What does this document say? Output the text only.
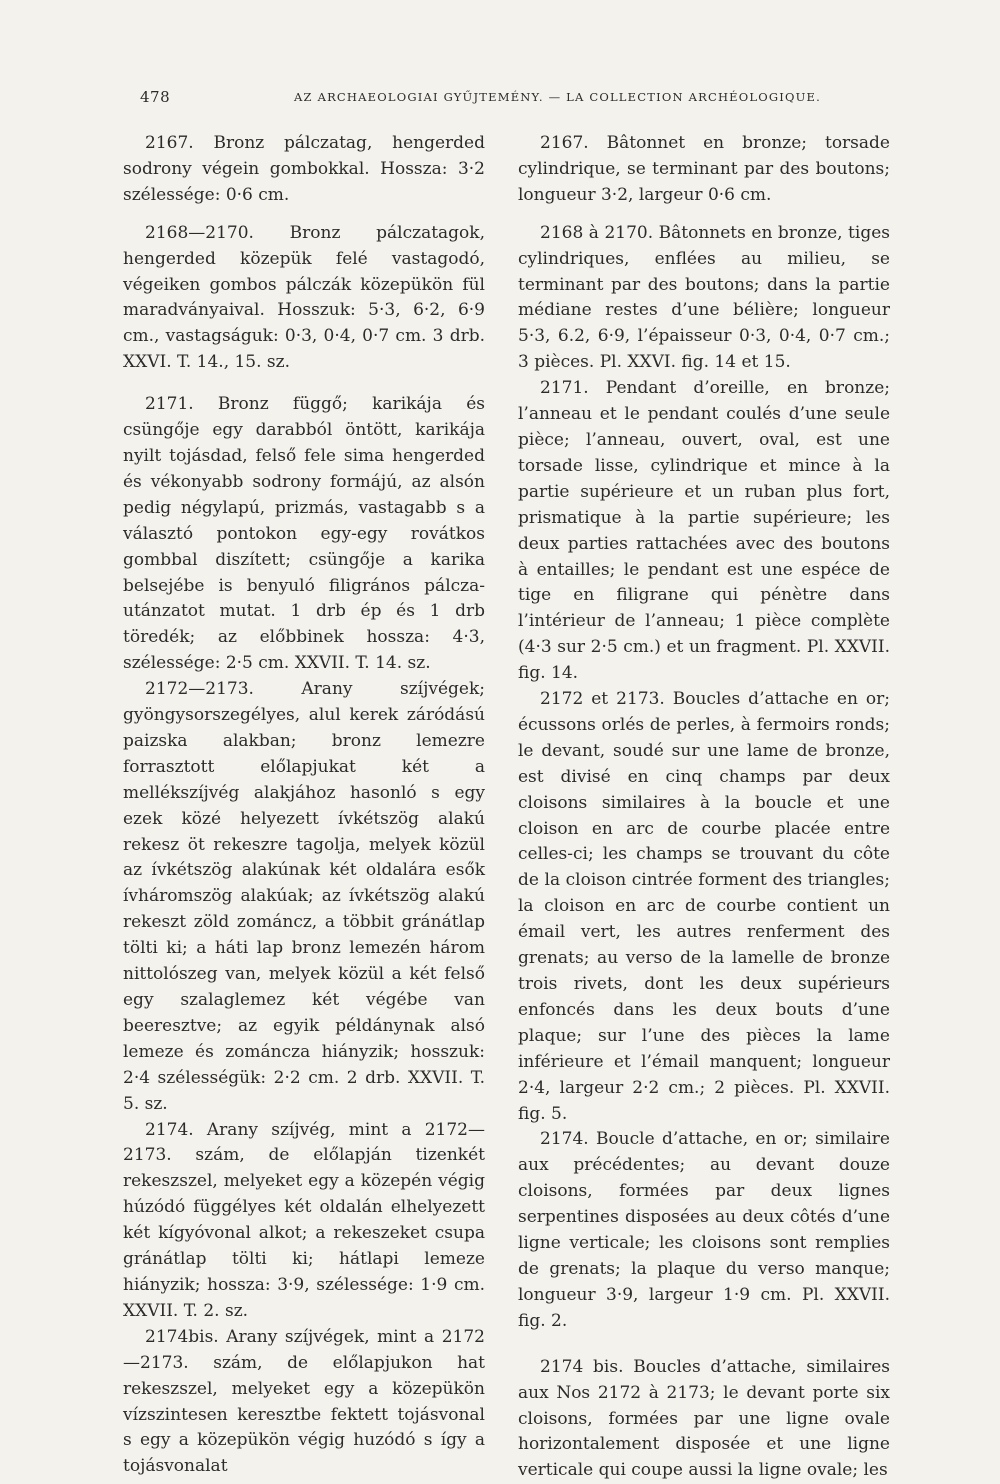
478	AZ ARCHAEOLOGIAI GYŰJTEMÉNY. — LA COLLECTION ARCHÉOLOGIQUE.

2167. Bronz pálczatag, hengerded sodrony végein gombokkal. Hossza: 3·2 szélessége: 0·6 cm.

2168—2170. Bronz pálczatagok, hengerded közepük felé vastagodó, végeiken gombos pálczák közepükön fül maradványaival. Hosszuk: 5·3, 6·2, 6·9 cm., vastagságuk: 0·3, 0·4, 0·7 cm. 3 drb. XXVI. T. 14., 15. sz.

2171. Bronz függő; karikája és csüngője egy darabból öntött, karikája nyilt tojásdad, felső fele sima hengerded és vékonyabb sodrony formájú, az alsón pedig négylapú, prizmás, vastagabb s a választó pontokon egy-egy rovátkos gombbal diszített; csüngője a karika belsejébe is benyuló filigrános pálcza-utánzatot mutat. 1 drb ép és 1 drb töredék; az előbbinek hossza: 4·3, szélessége: 2·5 cm. XXVII. T. 14. sz.

2172—2173. Arany szíjvégek; gyöngysorszegélyes, alul kerek záródású paizska alakban; bronz lemezre forrasztott előlapjukat két a mellékszíjvég alakjához hasonló s egy ezek közé helyezett ívkétszög alakú rekesz öt rekeszre tagolja, melyek közül az ívkétszög alakúnak két oldalára esők ívháromszög alakúak; az ívkétszög alakú rekeszt zöld zománcz, a többit gránátlap tölti ki; a háti lap bronz lemezén három nittolószeg van, melyek közül a két felső egy szalaglemez két végébe van beeresztve; az egyik példánynak alsó lemeze és zománcza hiányzik; hosszuk: 2·4 szélességük: 2·2 cm. 2 drb. XXVII. T. 5. sz.

2174. Arany szíjvég, mint a 2172—2173. szám, de előlapján tizenkét rekeszszel, melyeket egy a közepén végig húzódó függélyes két oldalán elhelyezett két kígyóvonal alkot; a rekeszeket csupa gránátlap tölti ki; hátlapi lemeze hiányzik; hossza: 3·9, szélessége: 1·9 cm. XXVII. T. 2. sz.

2174bis. Arany szíjvégek, mint a 2172—2173. szám, de előlapjukon hat rekeszszel, melyeket egy a közepükön vízszintesen keresztbe fektett tojásvonal s egy a közepükön végig huzódó s így a tojásvonalat

2167. Bâtonnet en bronze; torsade cylindrique, se terminant par des boutons; longueur 3·2, largeur 0·6 cm.

2168 à 2170. Bâtonnets en bronze, tiges cylindriques, enflées au milieu, se terminant par des boutons; dans la partie médiane restes d’une bélière; longueur 5·3, 6.2, 6·9, l’épaisseur 0·3, 0·4, 0·7 cm.; 3 pièces. Pl. XXVI. fig. 14 et 15.

2171. Pendant d’oreille, en bronze; l’anneau et le pendant coulés d’une seule pièce; l’anneau, ouvert, oval, est une torsade lisse, cylindrique et mince à la partie supérieure et un ruban plus fort, prismatique à la partie supérieure; les deux parties rattachées avec des boutons à entailles; le pendant est une espéce de tige en filigrane qui pénètre dans l’intérieur de l’anneau; 1 pièce complète (4·3 sur 2·5 cm.) et un fragment. Pl. XXVII. fig. 14.

2172 et 2173. Boucles d’attache en or; écussons orlés de perles, à fermoirs ronds; le devant, soudé sur une lame de bronze, est divisé en cinq champs par deux cloisons similaires à la boucle et une cloison en arc de courbe placée entre celles-ci; les champs se trouvant du côte de la cloison cintrée forment des triangles; la cloison en arc de courbe contient un émail vert, les autres renferment des grenats; au verso de la lamelle de bronze trois rivets, dont les deux supérieurs enfoncés dans les deux bouts d’une plaque; sur l’une des pièces la lame inférieure et l’émail manquent; longueur 2·4, largeur 2·2 cm.; 2 pièces. Pl. XXVII. fig. 5.

2174. Boucle d’attache, en or; similaire aux précédentes; au devant douze cloisons, formées par deux lignes serpentines disposées au deux côtés d’une ligne verticale; les cloisons sont remplies de grenats; la plaque du verso manque; longueur 3·9, largeur 1·9 cm. Pl. XXVII. fig. 2.

2174 bis. Boucles d’attache, similaires aux Nos 2172 à 2173; le devant porte six cloisons, formées par une ligne ovale horizontalement disposée et une ligne verticale qui coupe aussi la ligne ovale; les
